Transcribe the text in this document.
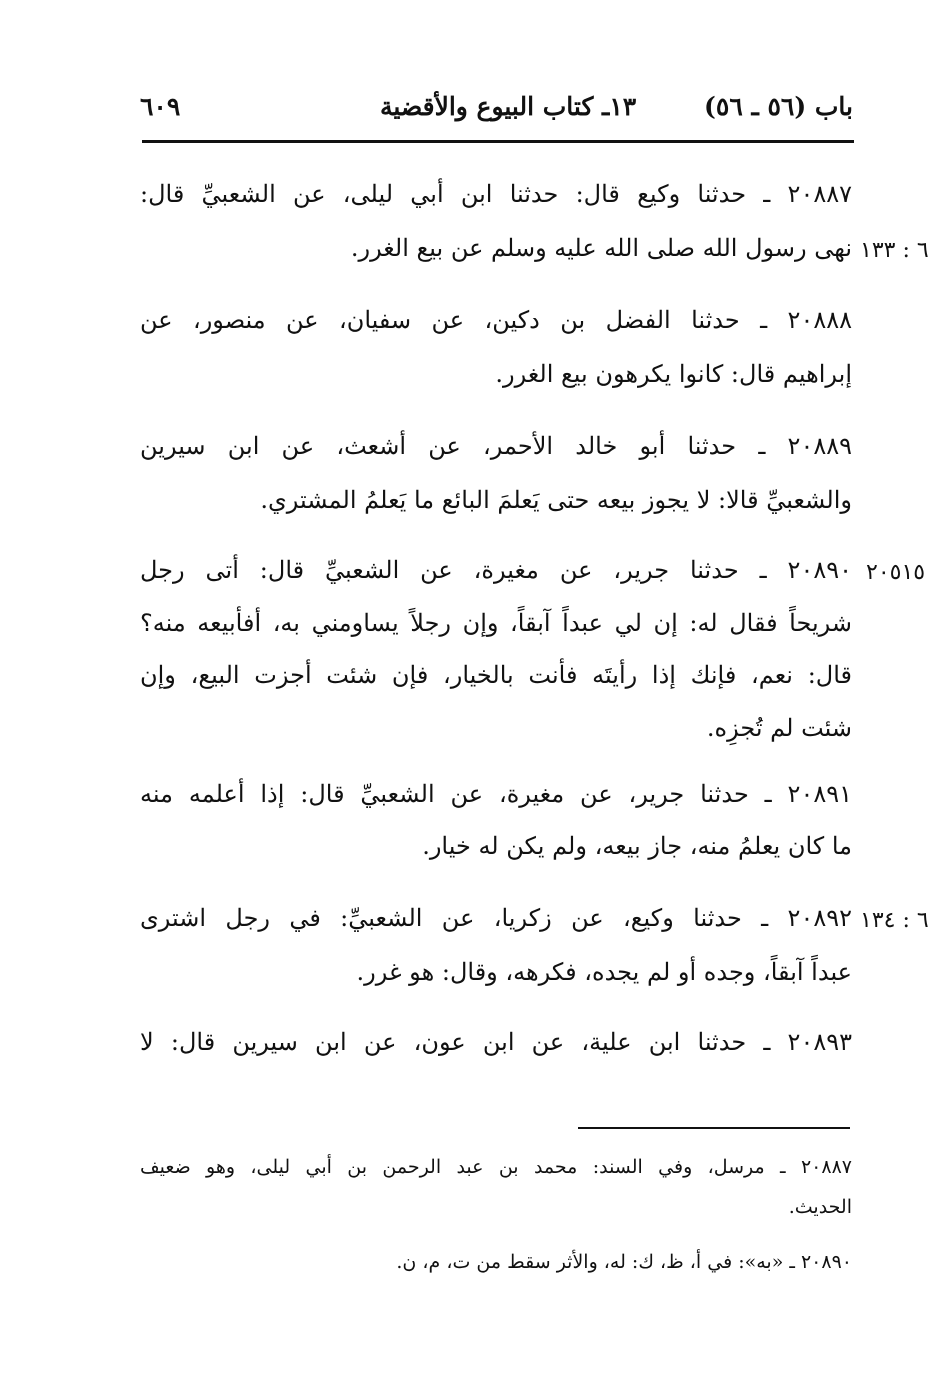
٦٠٩	١٣ـ كتاب البيوع والأقضية	باب (٥٦ ـ ٥٦)
٦ : ١٣٣
٢٠٥١٥
٦ : ١٣٤
٢٠٨٨٧ ـ حدثنا وكيع قال: حدثنا ابن أبي ليلى، عن الشعبيِّ قال:
نهى رسول الله صلى الله عليه وسلم عن بيع الغرر.
٢٠٨٨٨ ـ حدثنا الفضل بن دكين، عن سفيان، عن منصور، عن
إبراهيم قال: كانوا يكرهون بيع الغرر.
٢٠٨٨٩ ـ حدثنا أبو خالد الأحمر، عن أشعث، عن ابن سيرين
والشعبيِّ قالا: لا يجوز بيعه حتى يَعلمَ البائع ما يَعلمُ المشتري.
٢٠٨٩٠ ـ حدثنا جرير، عن مغيرة، عن الشعبيِّ قال: أتى رجل
شريحاً فقال له: إن لي عبداً آبقاً، وإن رجلاً يساومني به، أفأبيعه منه؟
قال: نعم، فإنك إذا رأيتَه فأنت بالخيار، فإن شئت أجزت البيع، وإن
شئت لم تُجزِه.
٢٠٨٩١ ـ حدثنا جرير، عن مغيرة، عن الشعبيِّ قال: إذا أعلمه منه
ما كان يعلمُ منه، جاز بيعه، ولم يكن له خيار.
٢٠٨٩٢ ـ حدثنا وكيع، عن زكريا، عن الشعبيِّ: في رجل اشترى
عبداً آبقاً، وجده أو لم يجده، فكرهه، وقال: هو غرر.
٢٠٨٩٣ ـ حدثنا ابن علية، عن ابن عون، عن ابن سيرين قال: لا
٢٠٨٨٧ ـ مرسل، وفي السند: محمد بن عبد الرحمن بن أبي ليلى، وهو ضعيف
الحديث.
٢٠٨٩٠ ـ «به»: في أ، ظ، ك: له، والأثر سقط من ت، م، ن.
